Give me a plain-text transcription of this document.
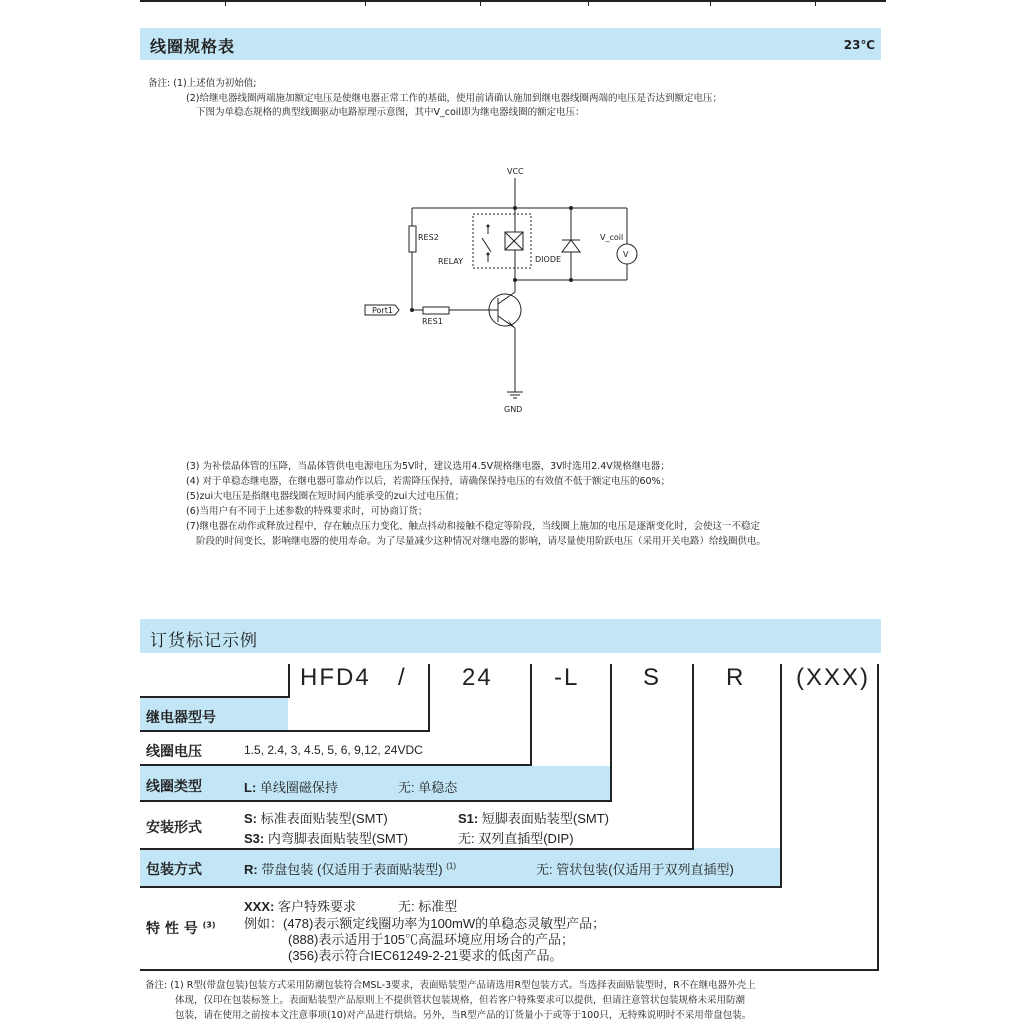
线圈规格表	23℃
备注: (1)上述值为初始值;
(2)给继电器线圈两端施加额定电压是使继电器正常工作的基础，使用前请确认施加到继电器线圈两端的电压是否达到额定电压；
下图为单稳态规格的典型线圈驱动电路原理示意图，其中V_coil即为继电器线圈的额定电压：
VCC
RES2
RELAY	DIODE
V_coil
V
Port1
RES1
GND
(3) 为补偿晶体管的压降，当晶体管供电电源电压为5V时，建议选用4.5V规格继电器，3V时选用2.4V规格继电器；
(4) 对于单稳态继电器，在继电器可靠动作以后，若需降压保持，请确保保持电压的有效值不低于额定电压的60%；
(5)zui大电压是指继电器线圈在短时间内能承受的zui大过电压值；
(6)当用户有不同于上述参数的特殊要求时，可协商订货；
(7)继电器在动作或释放过程中，存在触点压力变化、触点抖动和接触不稳定等阶段，当线圈上施加的电压是逐渐变化时，会使这一不稳定
阶段的时间变长，影响继电器的使用寿命。为了尽量减少这种情况对继电器的影响，请尽量使用阶跃电压（采用开关电路）给线圈供电。
订货标记示例
HFD4 / 24	-L	S	R (XXX)
继电器型号
线圈电压	1.5, 2.4, 3, 4.5, 5, 6, 9,12, 24VDC
线圈类型	L: 单线圈磁保持	无: 单稳态
安装形式
S: 标准表面贴装型(SMT)	S1: 短脚表面贴装型(SMT)
S3: 内弯脚表面贴装型(SMT)	无: 双列直插型(DIP)
包装方式	R: 带盘包装 (仅适用于表面贴装型) $^{(1)}$	无: 管状包装(仅适用于双列直插型)
特 性 号 $^{(3)}$
XXX: 客户特殊要求	无: 标准型
例如：(478)表示额定线圈功率为100mW的单稳态灵敏型产品；
(888)表示适用于105℃高温环境应用场合的产品；
(356)表示符合IEC61249-2-21要求的低卤产品。
备注: (1) R型(带盘包装)包装方式采用防潮包装符合MSL-3要求，表面贴装型产品请选用R型包装方式。当选择表面贴装型时，R不在继电器外壳上
体现，仅印在包装标签上。表面贴装型产品原则上不提供管状包装规格，但若客户特殊要求可以提供，但请注意管状包装规格未采用防潮
包装，请在使用之前按本文注意事项(10)对产品进行烘焙。另外，当R型产品的订货量小于或等于100只，无特殊说明时不采用带盘包装。
